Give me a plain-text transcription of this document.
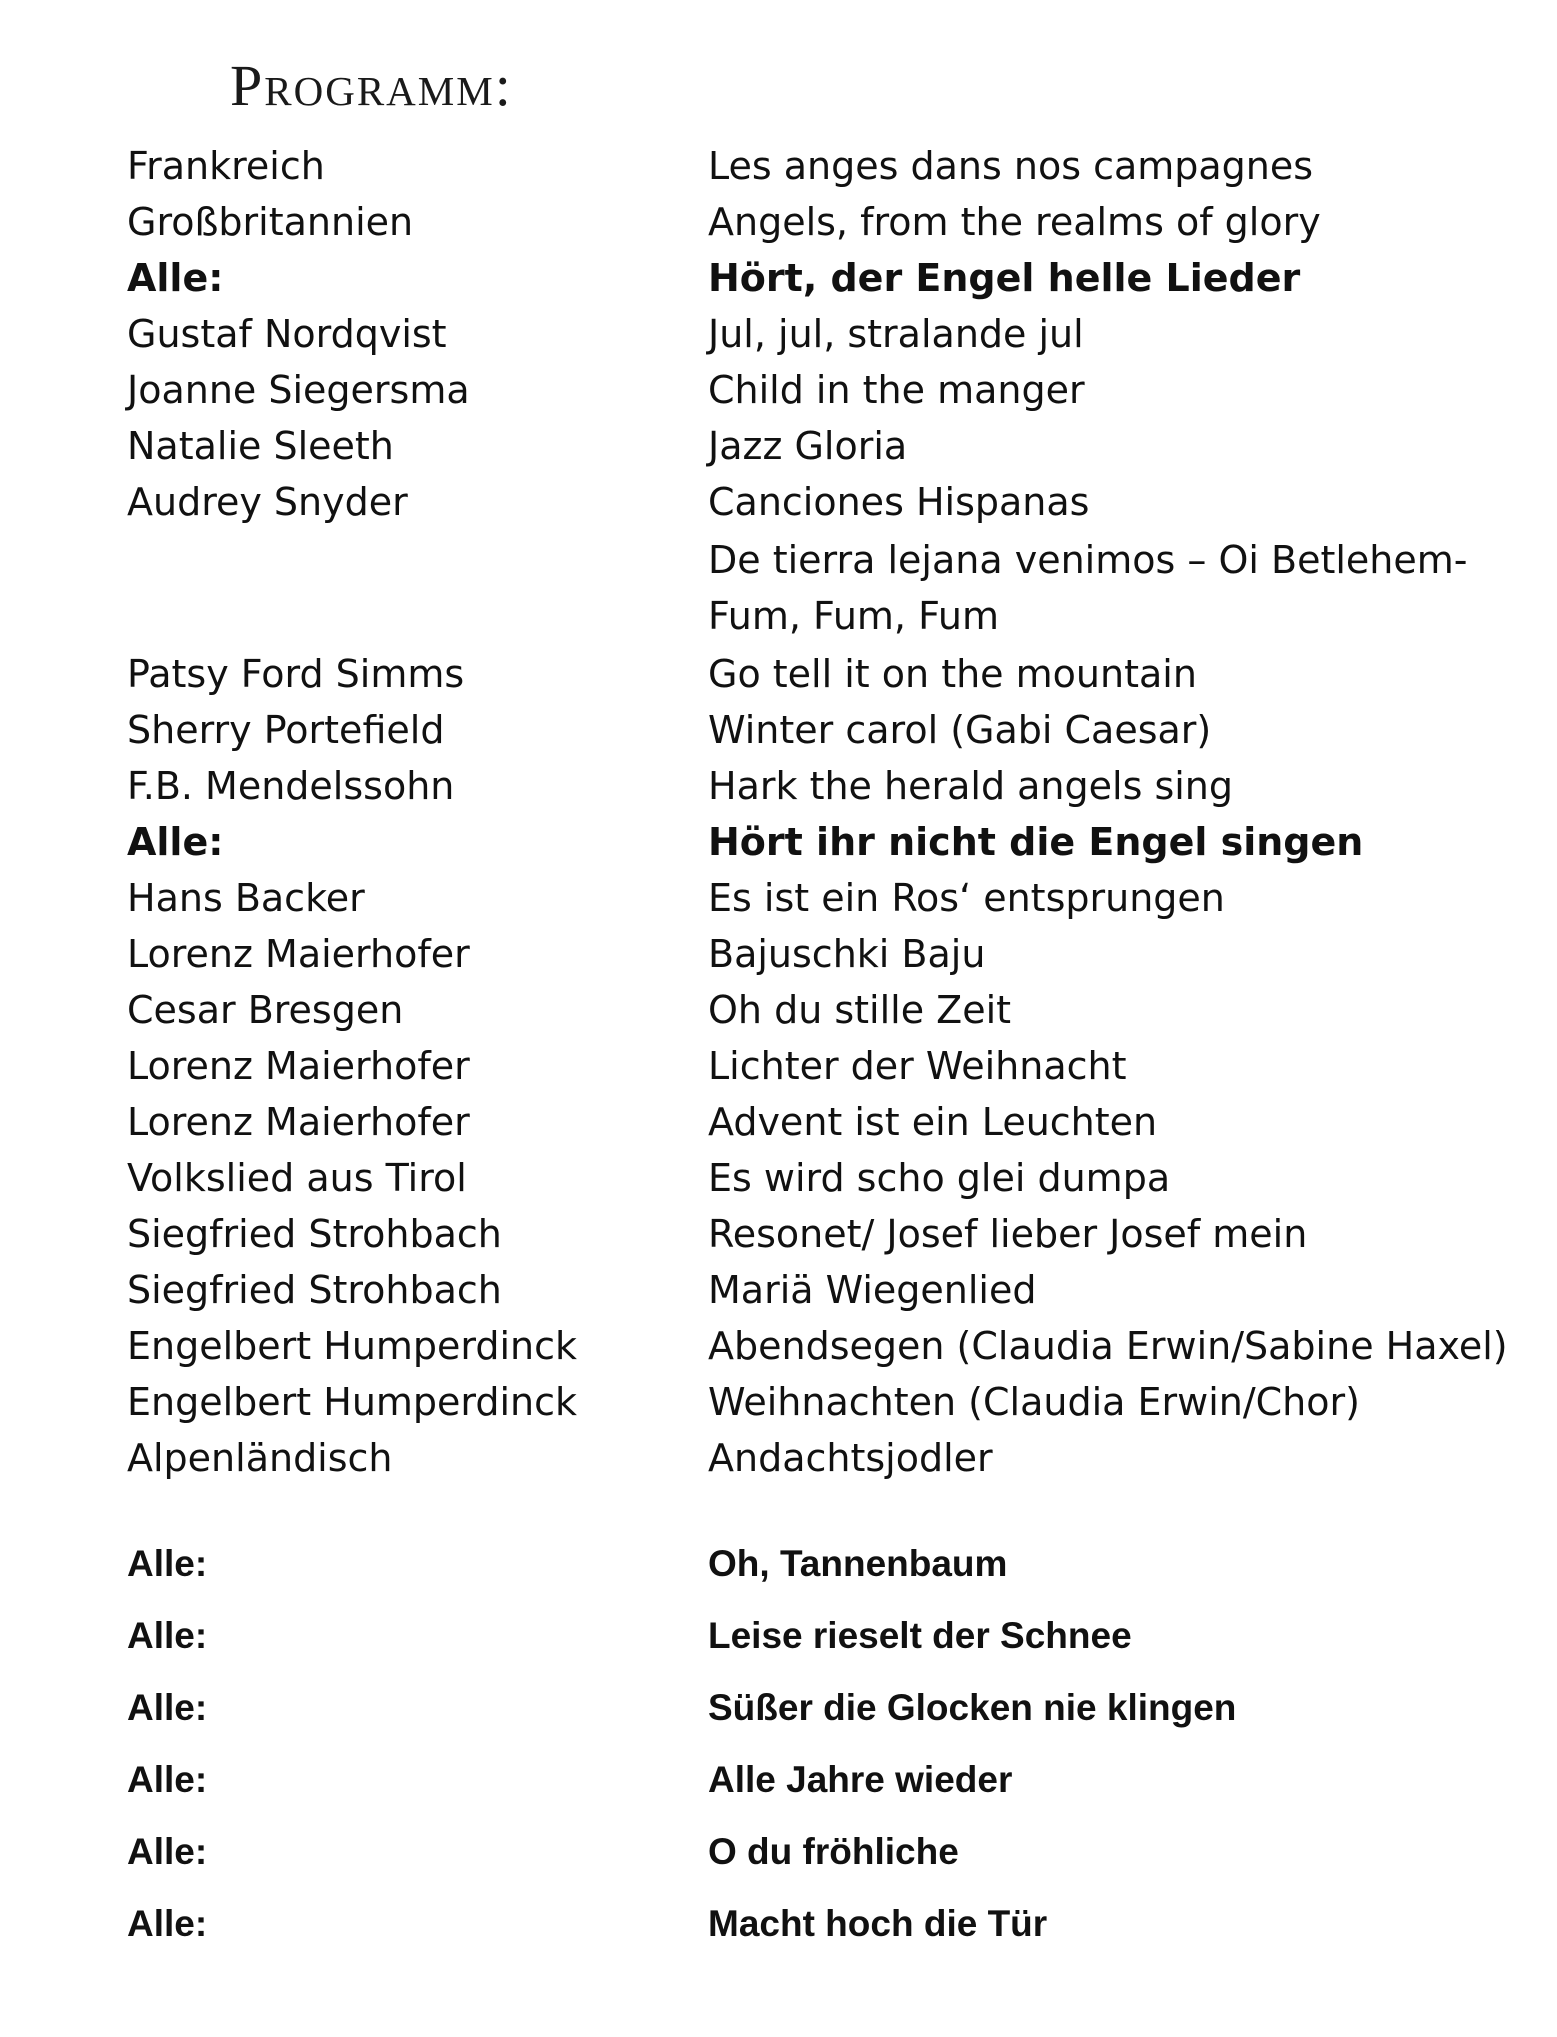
Programm:
Frankreich	Les anges dans nos campagnes
Großbritannien	Angels, from the realms of glory
Alle:	Hört, der Engel helle Lieder
Gustaf Nordqvist	Jul, jul, stralande jul
Joanne Siegersma	Child in the manger
Natalie Sleeth	Jazz Gloria
Audrey Snyder	Canciones Hispanas
De tierra lejana venimos – Oi Betlehem-
Fum, Fum, Fum
Patsy Ford Simms	Go tell it on the mountain
Sherry Portefield	Winter carol (Gabi Caesar)
F.B. Mendelssohn	Hark the herald angels sing
Alle:	Hört ihr nicht die Engel singen
Hans Backer	Es ist ein Ros‘ entsprungen
Lorenz Maierhofer	Bajuschki Baju
Cesar Bresgen	Oh du stille Zeit
Lorenz Maierhofer	Lichter der Weihnacht
Lorenz Maierhofer	Advent ist ein Leuchten
Volkslied aus Tirol	Es wird scho glei dumpa
Siegfried Strohbach	Resonet/ Josef lieber Josef mein
Siegfried Strohbach	Mariä Wiegenlied
Engelbert Humperdinck	Abendsegen (Claudia Erwin/Sabine Haxel)
Engelbert Humperdinck	Weihnachten (Claudia Erwin/Chor)
Alpenländisch	Andachtsjodler
Alle:	Oh, Tannenbaum
Alle:	Leise rieselt der Schnee
Alle:	Süßer die Glocken nie klingen
Alle:	Alle Jahre wieder
Alle:	O du fröhliche
Alle:	Macht hoch die Tür
